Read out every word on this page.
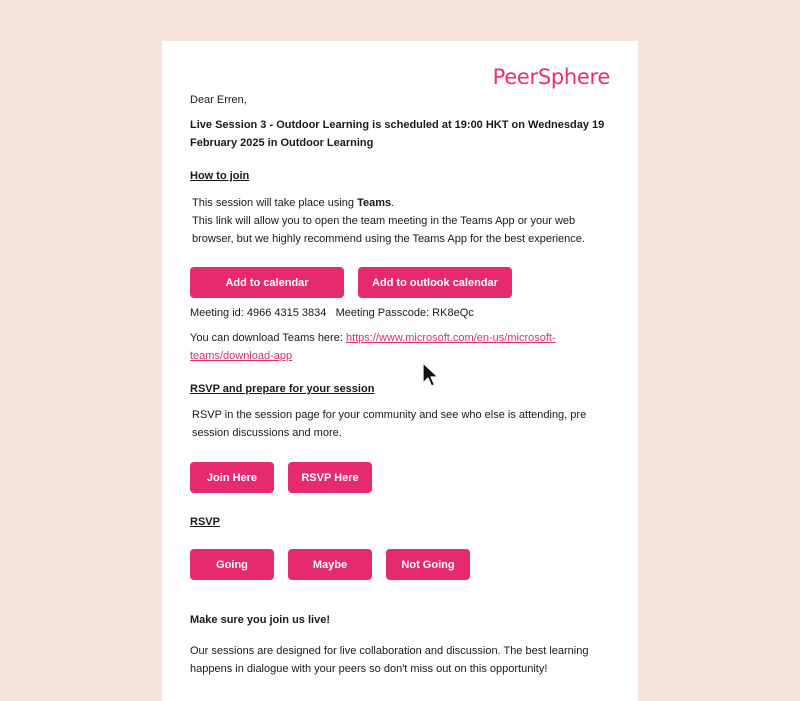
PeerSphere

Dear Erren,

Live Session 3 - Outdoor Learning is scheduled at 19:00 HKT on Wednesday 19 February 2025 in Outdoor Learning

How to join

This session will take place using Teams.

This link will allow you to open the team meeting in the Teams App or your web browser, but we highly recommend using the Teams App for the best experience.

Add to calendar	Add to outlook calendar

Meeting id: 4966 4315 3834 Meeting Passcode: RK8eQc

You can download Teams here: https://www.microsoft.com/en-us/microsoft-teams/download-app

RSVP and prepare for your session

RSVP in the session page for your community and see who else is attending, pre session discussions and more.

Join Here	RSVP Here
RSVP
Going	Maybe	Not Going
Make sure you join us live!

Our sessions are designed for live collaboration and discussion. The best learning happens in dialogue with your peers so don't miss out on this opportunity!
